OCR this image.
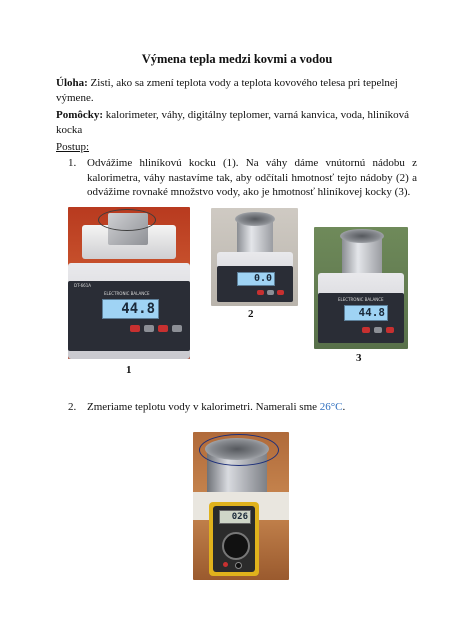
Výmena tepla medzi kovmi a vodou
Úloha: Zisti, ako sa zmení teplota vody a teplota kovového telesa pri tepelnej výmene.
Pomôcky: kalorimeter, váhy, digitálny teplomer, varná kanvica, voda, hliníková kocka
Postup:
1. Odvážime hliníkovú kocku (1). Na váhy dáme vnútornú nádobu z kalorimetra, váhy nastavíme tak, aby odčítali hmotnosť tejto nádoby (2) a odvážime rovnaké množstvo vody, ako je hmotnosť hliníkovej kocky (3).
2. Zmeriame teplotu vody v kalorimetri. Namerali sme 26°C.
DT-661A
ELECTRONIC BALANCE
44.8
1
0.0
2
ELECTRONIC BALANCE
44.8
3
026
